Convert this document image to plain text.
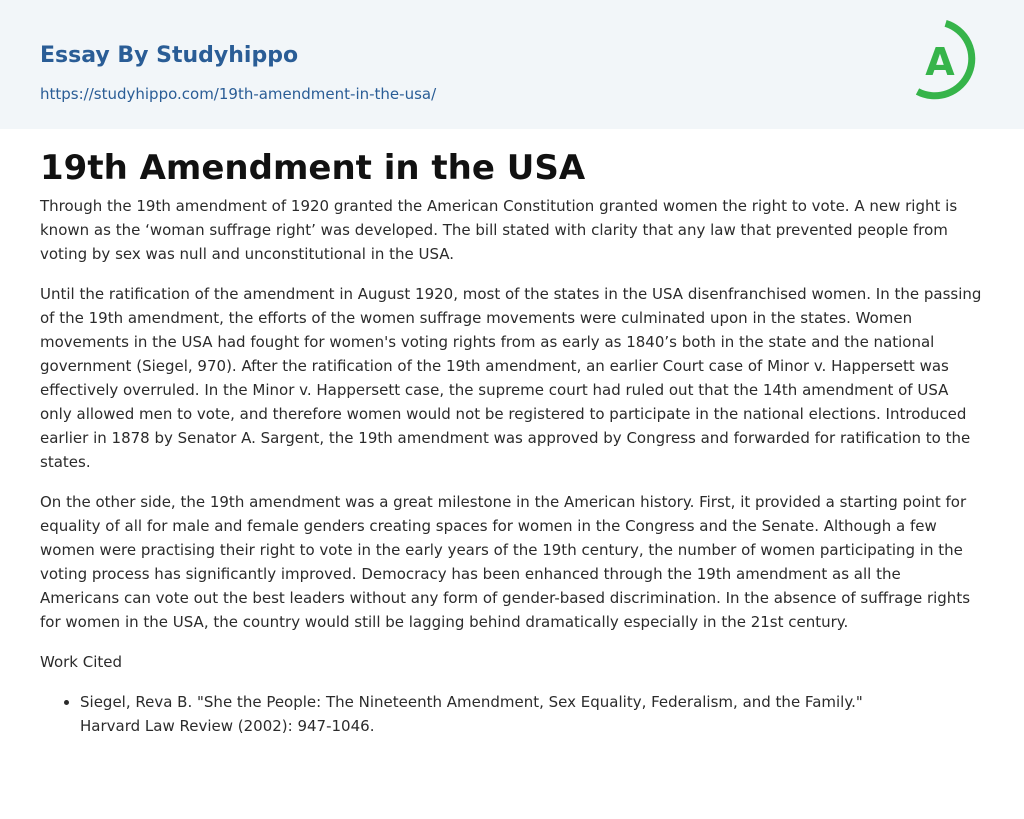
Essay By Studyhippo
https://studyhippo.com/19th-amendment-in-the-usa/
A
19th Amendment in the USA

Through the 19th amendment of 1920 granted the American Constitution granted women the right to vote. A new right is known as the ‘woman suffrage right’ was developed. The bill stated with clarity that any law that prevented people from voting by sex was null and unconstitutional in the USA.

Until the ratification of the amendment in August 1920, most of the states in the USA disenfranchised women. In the passing of the 19th amendment, the efforts of the women suffrage movements were culminated upon in the states. Women movements in the USA had fought for women's voting rights from as early as 1840’s both in the state and the national government (Siegel, 970). After the ratification of the 19th amendment, an earlier Court case of Minor v. Happersett was effectively overruled. In the Minor v. Happersett case, the supreme court had ruled out that the 14th amendment of USA only allowed men to vote, and therefore women would not be registered to participate in the national elections. Introduced earlier in 1878 by Senator A. Sargent, the 19th amendment was approved by Congress and forwarded for ratification to the states.

On the other side, the 19th amendment was a great milestone in the American history. First, it provided a starting point for equality of all for male and female genders creating spaces for women in the Congress and the Senate. Although a few women were practising their right to vote in the early years of the 19th century, the number of women participating in the voting process has significantly improved. Democracy has been enhanced through the 19th amendment as all the Americans can vote out the best leaders without any form of gender-based discrimination. In the absence of suffrage rights for women in the USA, the country would still be lagging behind dramatically especially in the 21st century.

Work Cited

• Siegel, Reva B. "She the People: The Nineteenth Amendment, Sex Equality, Federalism, and the Family." Harvard Law Review (2002): 947-1046.
